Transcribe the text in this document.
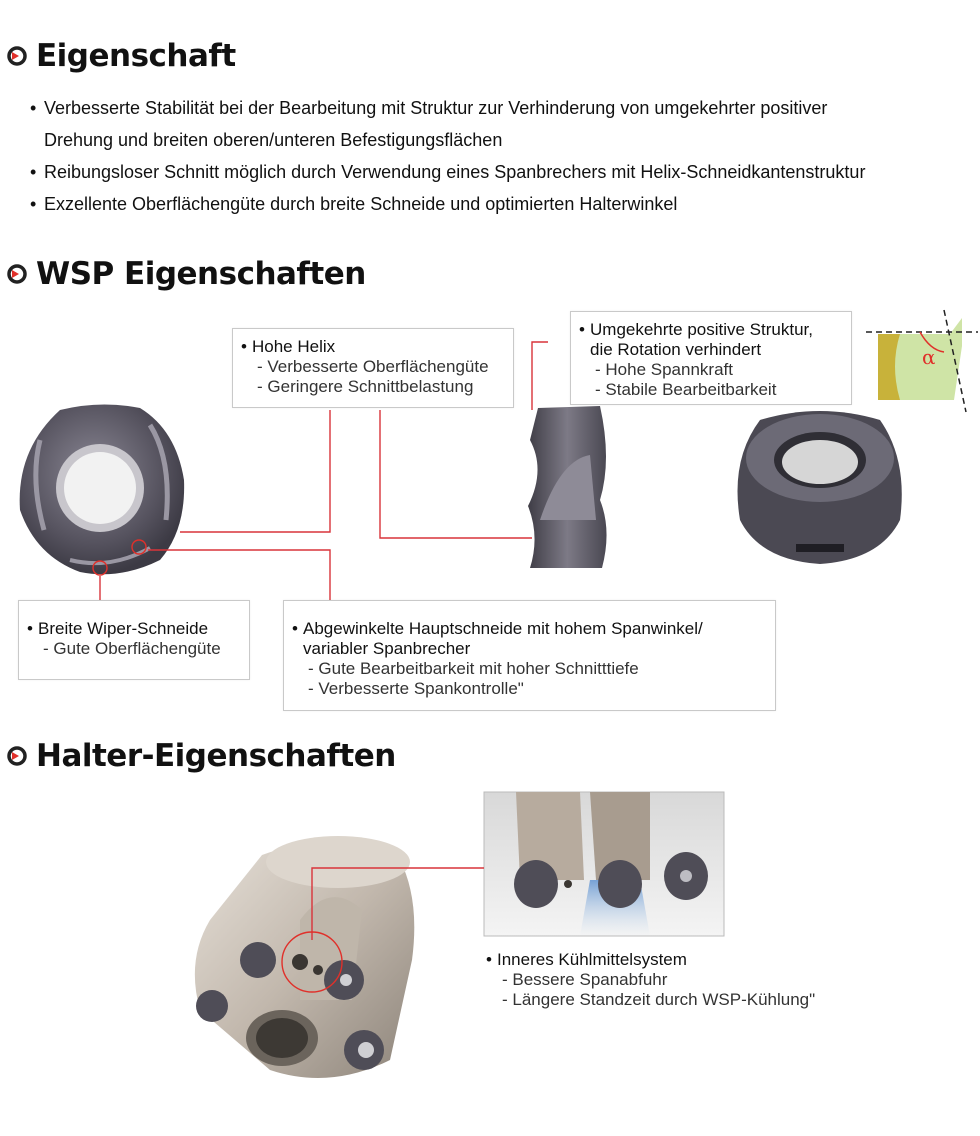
Eigenschaft
• Verbesserte Stabilität bei der Bearbeitung mit Struktur zur Verhinderung von umgekehrter positiver
Drehung und breiten oberen/unteren Befestigungsflächen
• Reibungsloser Schnitt möglich durch Verwendung eines Spanbrechers mit Helix-Schneidkantenstruktur
• Exzellente Oberflächengüte durch breite Schneide und optimierten Halterwinkel
WSP Eigenschaften
Halter-Eigenschaften
α
• Hohe Helix
- Verbesserte Oberflächengüte
- Geringere Schnittbelastung
• Umgekehrte positive Struktur,
die Rotation verhindert
- Hohe Spannkraft
- Stabile Bearbeitbarkeit
• Breite Wiper-Schneide
- Gute Oberflächengüte
• Abgewinkelte Hauptschneide mit hohem Spanwinkel/
variabler Spanbrecher
- Gute Bearbeitbarkeit mit hoher Schnitttiefe
- Verbesserte Spankontrolle"
• Inneres Kühlmittelsystem
- Bessere Spanabfuhr
- Längere Standzeit durch WSP-Kühlung"
